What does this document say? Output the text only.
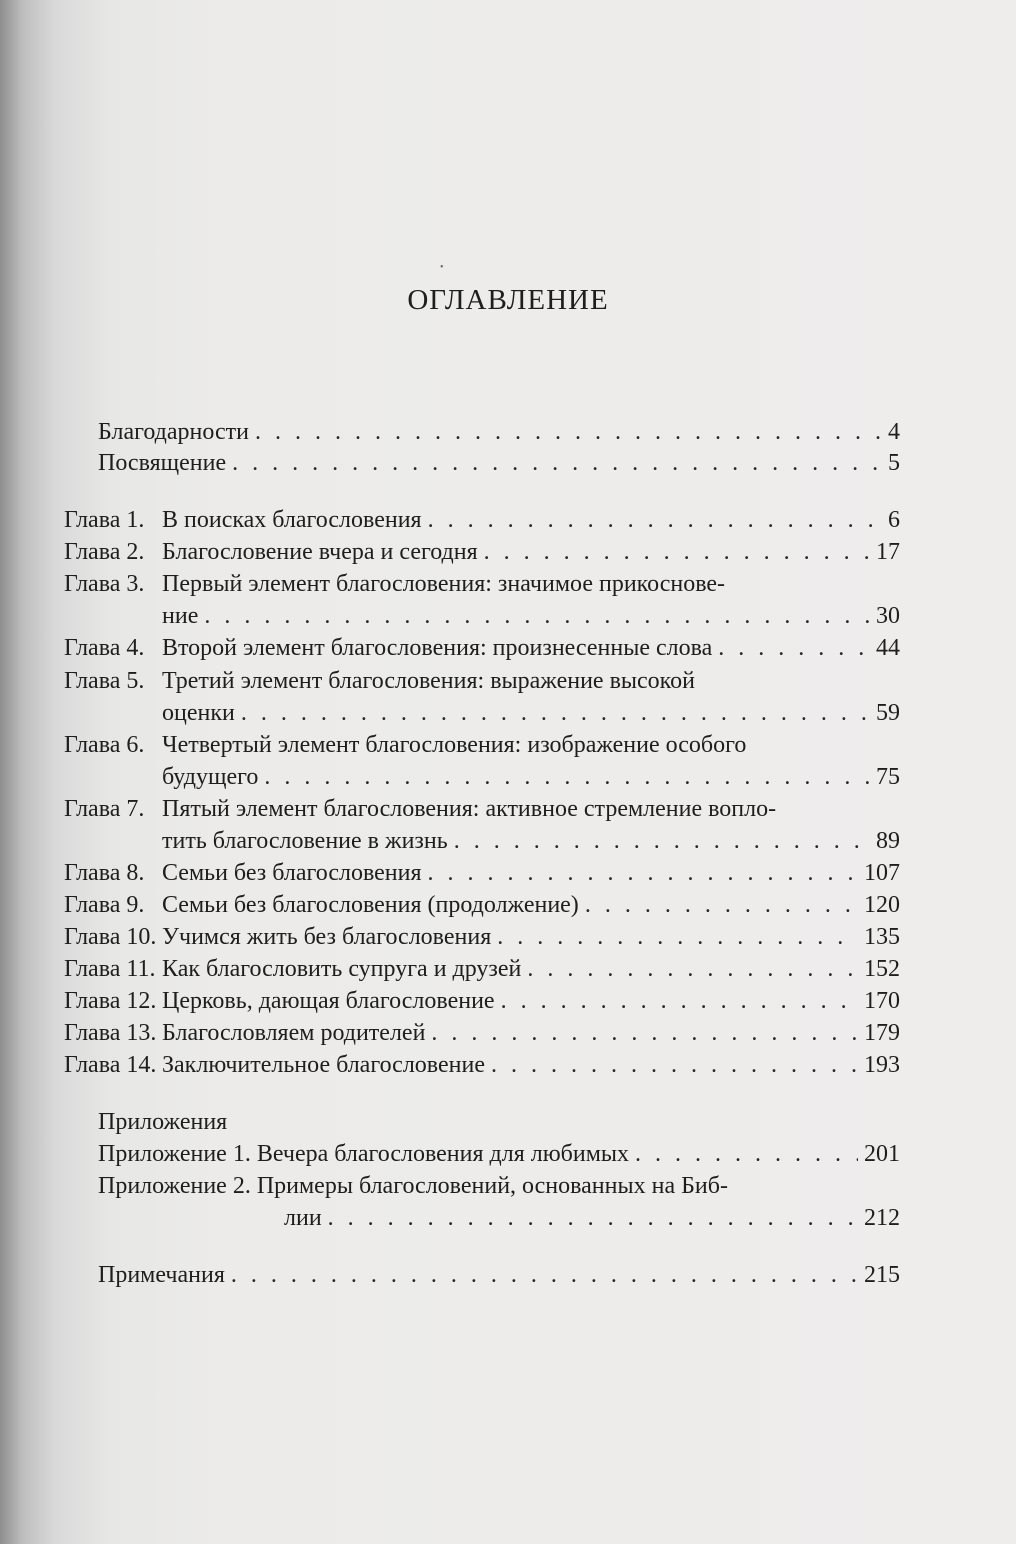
•
ОГЛАВЛЕНИЕ
Благодарности . . .	4
Посвящение . . .	5
Глава 1. В поисках благословения . . .	6
Глава 2. Благословение вчера и сегодня . . .	17
Глава 3. Первый элемент благословения: значимое прикоснове-
ние . . .	30
Глава 4. Второй элемент благословения: произнесенные слова . . .	44
Глава 5. Третий элемент благословения: выражение высокой
оценки . . .	59
Глава 6. Четвертый элемент благословения: изображение особого
будущего . . .	75
Глава 7. Пятый элемент благословения: активное стремление вопло-
тить благословение в жизнь . . .	89
Глава 8. Семьи без благословения . . .	107
Глава 9. Семьи без благословения (продолжение) . . .	120
Глава 10. Учимся жить без благословения . . .	135
Глава 11. Как благословить супруга и друзей . . .	152
Глава 12. Церковь, дающая благословение . . .	170
Глава 13. Благословляем родителей . . .	179
Глава 14. Заключительное благословение . . .	193
Приложения
Приложение 1. Вечера благословения для любимых . . .	201
Приложение 2. Примеры благословений, основанных на Биб-
лии . . .	212
Примечания . . .	215
